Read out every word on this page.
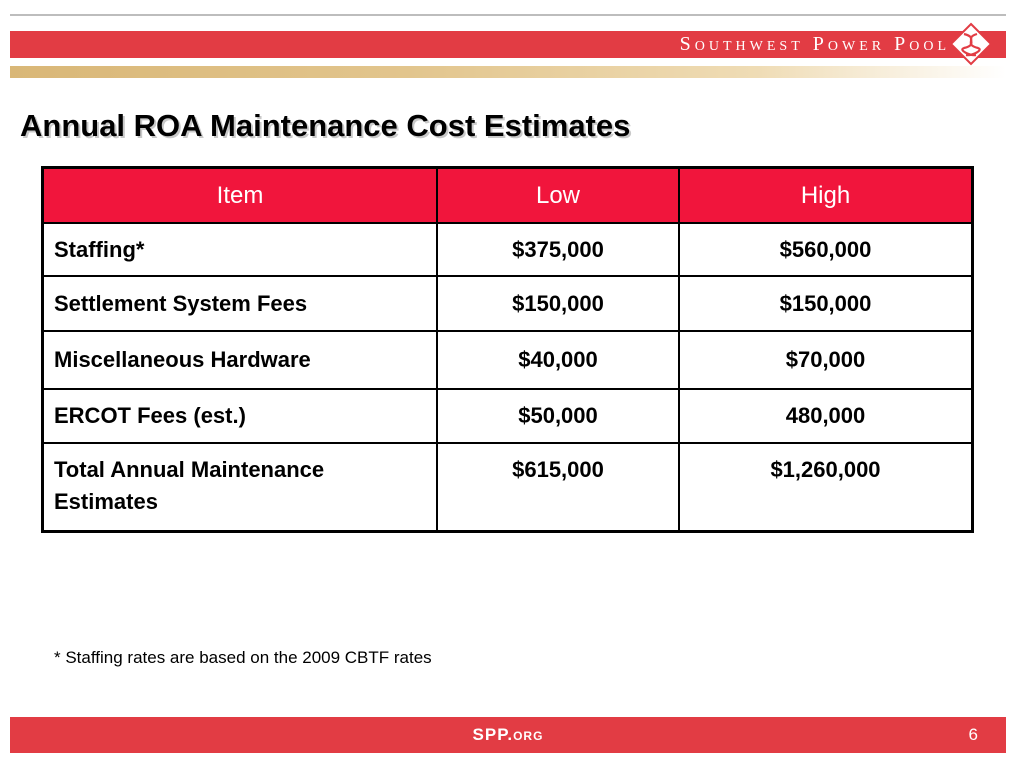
Southwest Power Pool
Annual ROA Maintenance Cost Estimates
Item	Low	High
Staffing*	$375,000	$560,000
Settlement System Fees	$150,000	$150,000
Miscellaneous Hardware	$40,000	$70,000
ERCOT Fees (est.)	$50,000	480,000
Total Annual Maintenance Estimates	$615,000	$1,260,000
* Staffing rates are based on the 2009 CBTF rates
SPP.org	6
